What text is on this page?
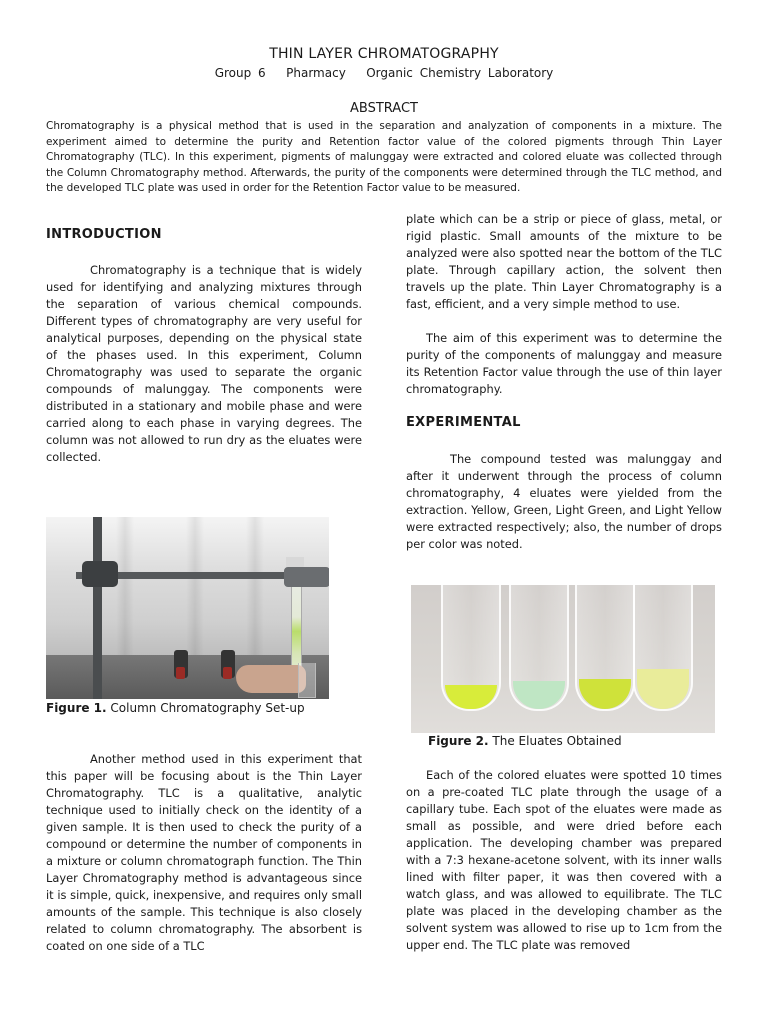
THIN LAYER CHROMATOGRAPHY
Group 6   Pharmacy   Organic Chemistry Laboratory
ABSTRACT

Chromatography is a physical method that is used in the separation and analyzation of components in a mixture. The experiment aimed to determine the purity and Retention factor value of the colored pigments through Thin Layer Chromatography (TLC). In this experiment, pigments of malunggay were extracted and colored eluate was collected through the Column Chromatography method. Afterwards, the purity of the components were determined through the TLC method, and the developed TLC plate was used in order for the Retention Factor value to be measured.

INTRODUCTION

Chromatography is a technique that is widely used for identifying and analyzing mixtures through the separation of various chemical compounds. Different types of chromatography are very useful for analytical purposes, depending on the physical state of the phases used. In this experiment, Column Chromatography was used to separate the organic compounds of malunggay. The components were distributed in a stationary and mobile phase and were carried along to each phase in varying degrees. The column was not allowed to run dry as the eluates were collected.

Figure 1. Column Chromatography Set-up

Another method used in this experiment that this paper will be focusing about is the Thin Layer Chromatography. TLC is a qualitative, analytic technique used to initially check on the identity of a given sample. It is then used to check the purity of a compound or determine the number of components in a mixture or column chromatograph function. The Thin Layer Chromatography method is advantageous since it is simple, quick, inexpensive, and requires only small amounts of the sample. This technique is also closely related to column chromatography. The absorbent is coated on one side of a TLC

plate which can be a strip or piece of glass, metal, or rigid plastic. Small amounts of the mixture to be analyzed were also spotted near the bottom of the TLC plate. Through capillary action, the solvent then travels up the plate. Thin Layer Chromatography is a fast, efficient, and a very simple method to use.

The aim of this experiment was to determine the purity of the components of malunggay and measure its Retention Factor value through the use of thin layer chromatography.

EXPERIMENTAL

The compound tested was malunggay and after it underwent through the process of column chromatography, 4 eluates were yielded from the extraction. Yellow, Green, Light Green, and Light Yellow were extracted respectively; also, the number of drops per color was noted.

Figure 2. The Eluates Obtained

Each of the colored eluates were spotted 10 times on a pre-coated TLC plate through the usage of a capillary tube. Each spot of the eluates were made as small as possible, and were dried before each application. The developing chamber was prepared with a 7:3 hexane-acetone solvent, with its inner walls lined with filter paper, it was then covered with a watch glass, and was allowed to equilibrate. The TLC plate was placed in the developing chamber as the solvent system was allowed to rise up to 1cm from the upper end. The TLC plate was removed
